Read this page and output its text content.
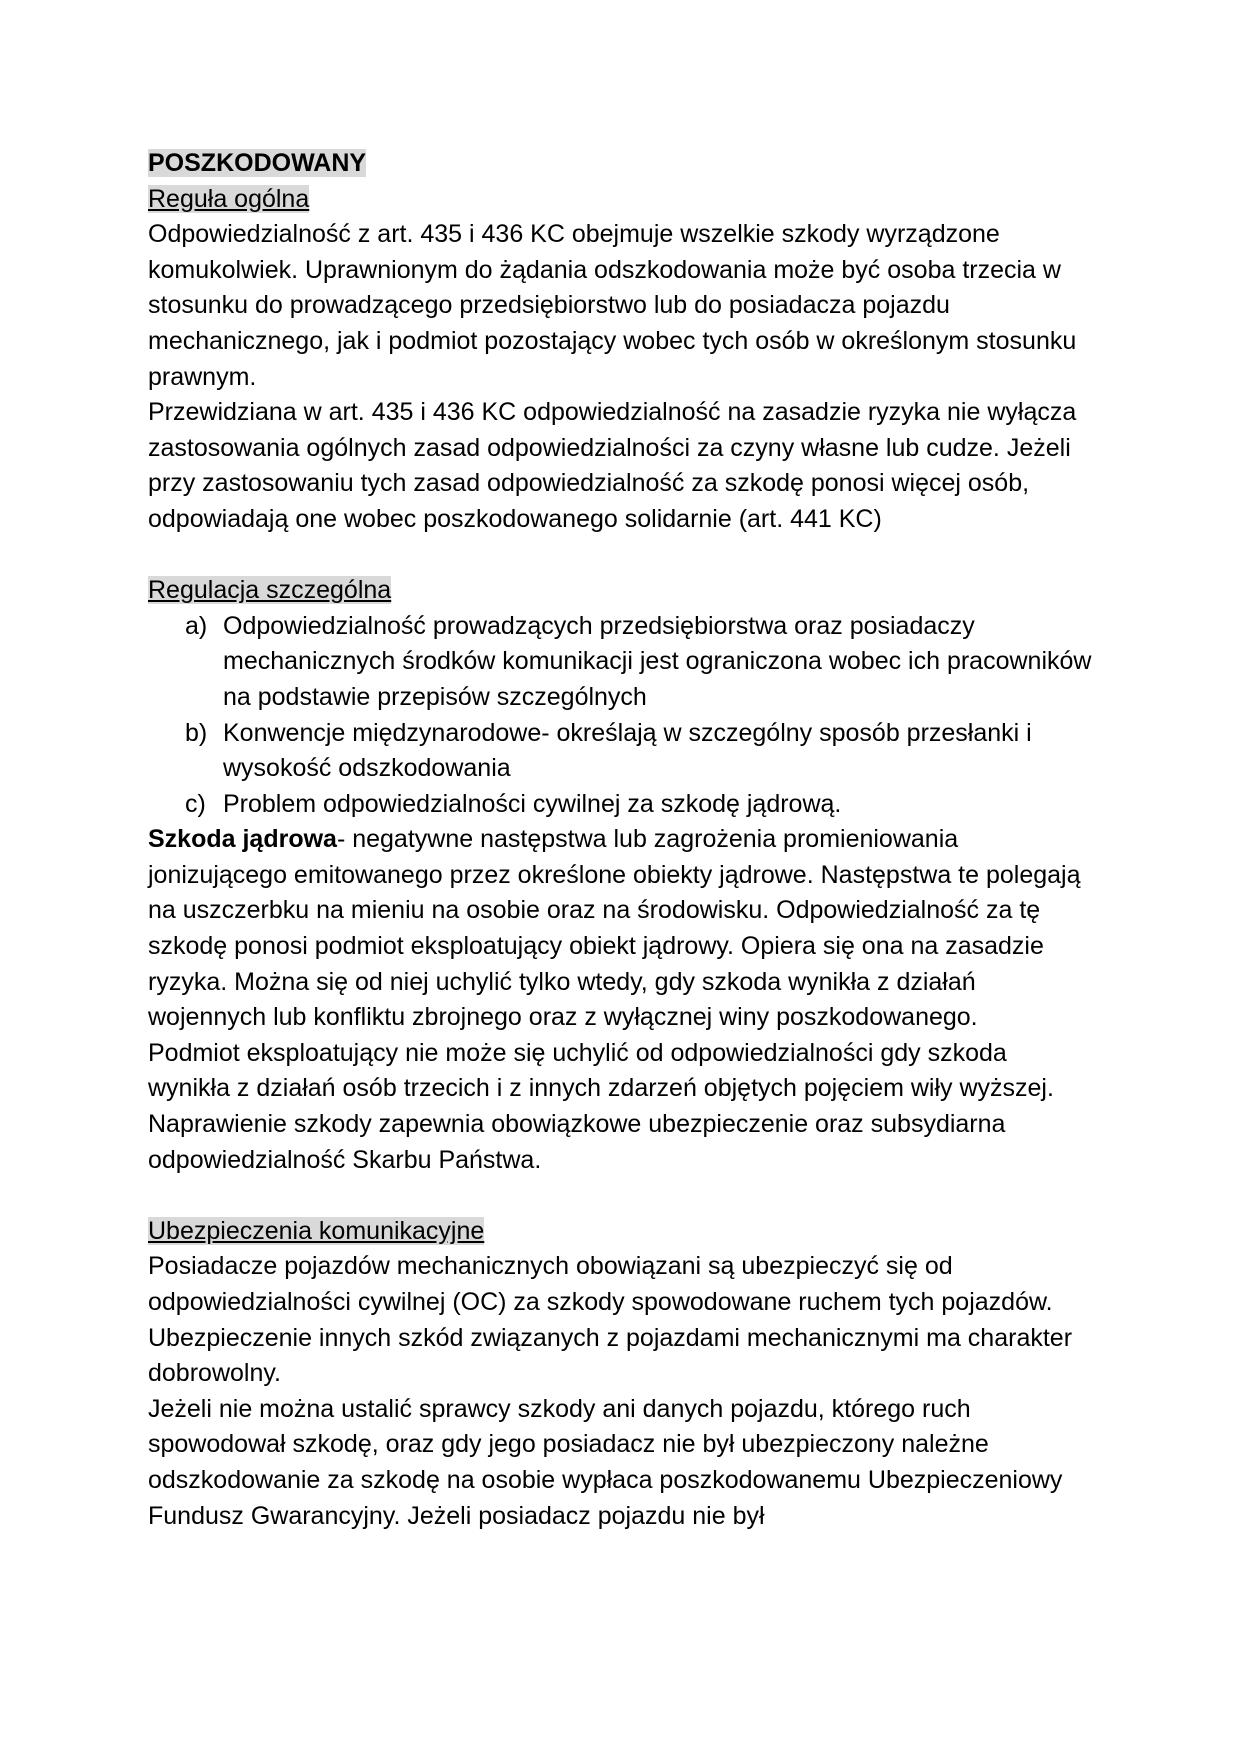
POSZKODOWANY

Reguła ogólna

Odpowiedzialność z art. 435 i 436 KC obejmuje wszelkie szkody wyrządzone komukolwiek. Uprawnionym do żądania odszkodowania może być osoba trzecia w stosunku do prowadzącego przedsiębiorstwo lub do posiadacza pojazdu mechanicznego, jak i podmiot pozostający wobec tych osób w określonym stosunku prawnym.

Przewidziana w art. 435 i 436 KC odpowiedzialność na zasadzie ryzyka nie wyłącza zastosowania ogólnych zasad odpowiedzialności za czyny własne lub cudze. Jeżeli przy zastosowaniu tych zasad odpowiedzialność za szkodę ponosi więcej osób, odpowiadają one wobec poszkodowanego solidarnie (art. 441 KC)

Regulacja szczególna

a) Odpowiedzialność prowadzących przedsiębiorstwa oraz posiadaczy mechanicznych środków komunikacji jest ograniczona wobec ich pracowników na podstawie przepisów szczególnych
b) Konwencje międzynarodowe- określają w szczególny sposób przesłanki i wysokość odszkodowania
c) Problem odpowiedzialności cywilnej za szkodę jądrową.

Szkoda jądrowa- negatywne następstwa lub zagrożenia promieniowania jonizującego emitowanego przez określone obiekty jądrowe. Następstwa te polegają na uszczerbku na mieniu na osobie oraz na środowisku. Odpowiedzialność za tę szkodę ponosi podmiot eksploatujący obiekt jądrowy. Opiera się ona na zasadzie ryzyka. Można się od niej uchylić tylko wtedy, gdy szkoda wynikła z działań wojennych lub konfliktu zbrojnego oraz z wyłącznej winy poszkodowanego.

Podmiot eksploatujący nie może się uchylić od odpowiedzialności gdy szkoda wynikła z działań osób trzecich i z innych zdarzeń objętych pojęciem wiły wyższej. Naprawienie szkody zapewnia obowiązkowe ubezpieczenie oraz subsydiarna odpowiedzialność Skarbu Państwa.

Ubezpieczenia komunikacyjne

Posiadacze pojazdów mechanicznych obowiązani są ubezpieczyć się od odpowiedzialności cywilnej (OC) za szkody spowodowane ruchem tych pojazdów. Ubezpieczenie innych szkód związanych z pojazdami mechanicznymi ma charakter dobrowolny.

Jeżeli nie można ustalić sprawcy szkody ani danych pojazdu, którego ruch spowodował szkodę, oraz gdy jego posiadacz nie był ubezpieczony należne odszkodowanie za szkodę na osobie wypłaca poszkodowanemu Ubezpieczeniowy Fundusz Gwarancyjny. Jeżeli posiadacz pojazdu nie był
